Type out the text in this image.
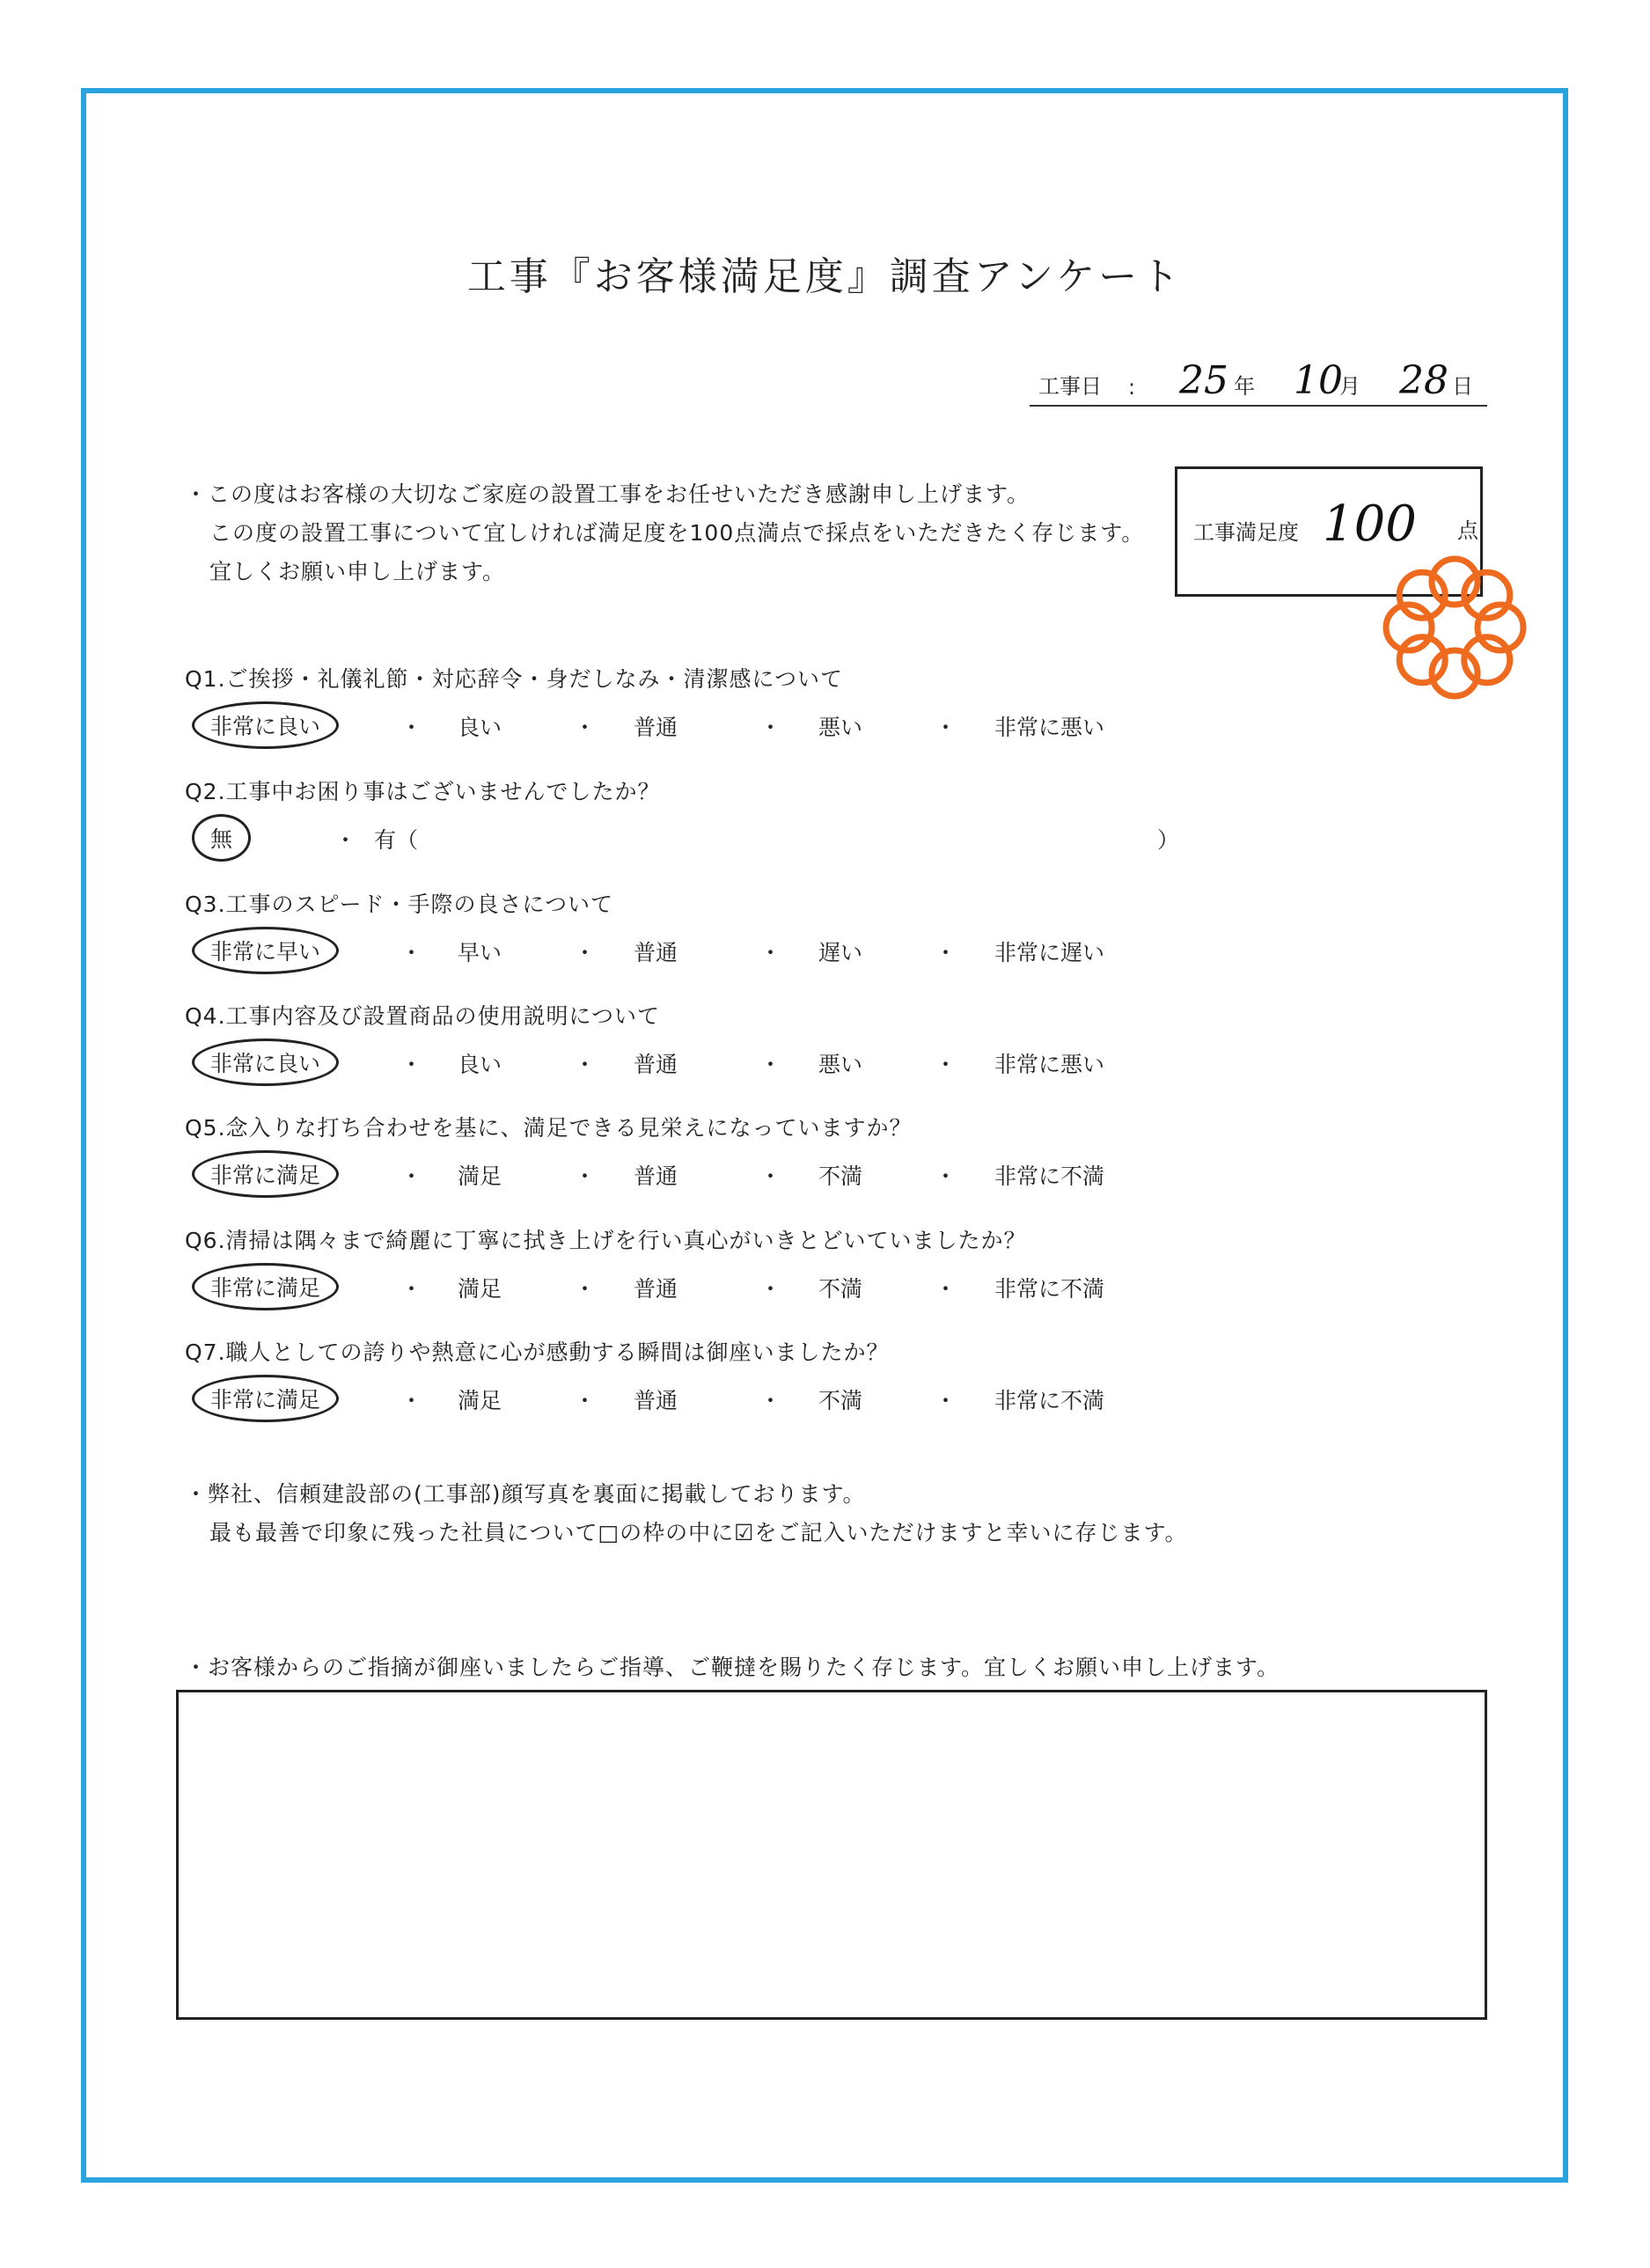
工事『お客様満足度』調査アンケート
工事日 : 25 年 10
月 28 日
・この度はお客様の大切なご家庭の設置工事をお任せいただき感謝申し上げます。
この度の設置工事について宜しければ満足度を100点満点で採点をいただきたく存じます。
宜しくお願い申し上げます。
工事満足度 100 点
Q1.ご挨拶・礼儀礼節・対応辞令・身だしなみ・清潔感について
非常に良い	良い	普通	悪い	非常に悪い
・	・	・	・
Q2.工事中お困り事はございませんでしたか？
無	有（	）
・
Q3.工事のスピード・手際の良さについて
非常に早い	早い	普通	遅い	非常に遅い
・	・	・	・
Q4.工事内容及び設置商品の使用説明について
非常に良い	良い	普通	悪い	非常に悪い
・	・	・	・
Q5.念入りな打ち合わせを基に、満足できる見栄えになっていますか？
非常に満足	満足	普通	不満	非常に不満
・	・	・	・
Q6.清掃は隅々まで綺麗に丁寧に拭き上げを行い真心がいきとどいていましたか？
非常に満足	満足	普通	不満	非常に不満
・	・	・	・
Q7.職人としての誇りや熱意に心が感動する瞬間は御座いましたか？
非常に満足	満足	普通	不満	非常に不満
・	・	・	・
・弊社、信頼建設部の(工事部)顔写真を裏面に掲載しております。
最も最善で印象に残った社員について□の枠の中に☑をご記入いただけますと幸いに存じます。
・お客様からのご指摘が御座いましたらご指導、ご鞭撻を賜りたく存じます。宜しくお願い申し上げます。
